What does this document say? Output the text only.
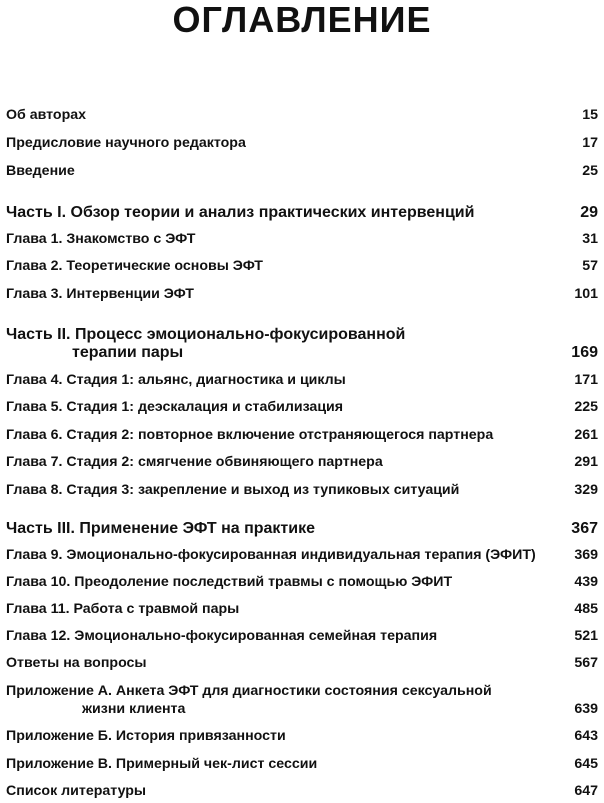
ОГЛАВЛЕНИЕ
Об авторах	15
Предисловие научного редактора	17
Введение	25
Часть I. Обзор теории и анализ практических интервенций	29
Глава 1. Знакомство с ЭФТ	31
Глава 2. Теоретические основы ЭФТ	57
Глава 3. Интервенции ЭФТ	101
Часть II. Процесс эмоционально-фокусированной
терапии пары	169
Глава 4. Стадия 1: альянс, диагностика и циклы	171
Глава 5. Стадия 1: деэскалация и стабилизация	225
Глава 6. Стадия 2: повторное включение отстраняющегося партнера	261
Глава 7. Стадия 2: смягчение обвиняющего партнера	291
Глава 8. Стадия 3: закрепление и выход из тупиковых ситуаций	329
Часть III. Применение ЭФТ на практике	367
Глава 9. Эмоционально-фокусированная индивидуальная терапия (ЭФИТ)	369
Глава 10. Преодоление последствий травмы с помощью ЭФИТ	439
Глава 11. Работа с травмой пары	485
Глава 12. Эмоционально-фокусированная семейная терапия	521
Ответы на вопросы	567
Приложение А. Анкета ЭФТ для диагностики состояния сексуальной
жизни клиента	639
Приложение Б. История привязанности	643
Приложение В. Примерный чек-лист сессии	645
Список литературы	647
